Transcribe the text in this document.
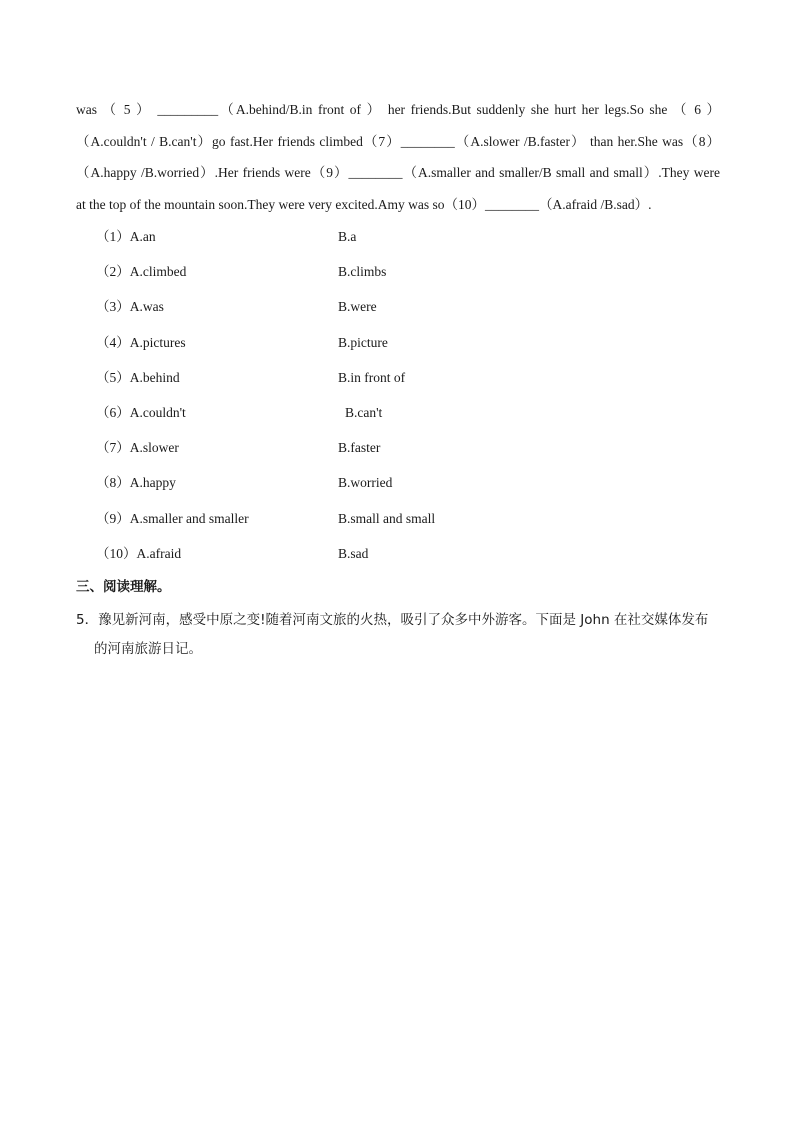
was （ 5 ） _________（A.behind/B.in front of ） her friends.But suddenly she hurt her legs.So she （ 6 ）
（A.couldn't / B.can't）go fast.Her friends climbed（7）________（A.slower /B.faster） than her.She was（8）
（A.happy /B.worried）.Her friends were（9）________（A.smaller and smaller/B small and small）.They were
at the top of the mountain soon.They were very excited.Amy was so（10）________（A.afraid /B.sad）.
（1）A.an	B.a
（2）A.climbed	B.climbs
（3）A.was	B.were
（4）A.pictures	B.picture
（5）A.behind	B.in front of
（6）A.couldn't	B.can't
（7）A.slower	B.faster
（8）A.happy	B.worried
（9）A.smaller and smaller	B.small and small
（10）A.afraid	B.sad
三、阅读理解。
5．豫见新河南，感受中原之变!随着河南文旅的火热，吸引了众多中外游客。下面是 John 在社交媒体发布
的河南旅游日记。
